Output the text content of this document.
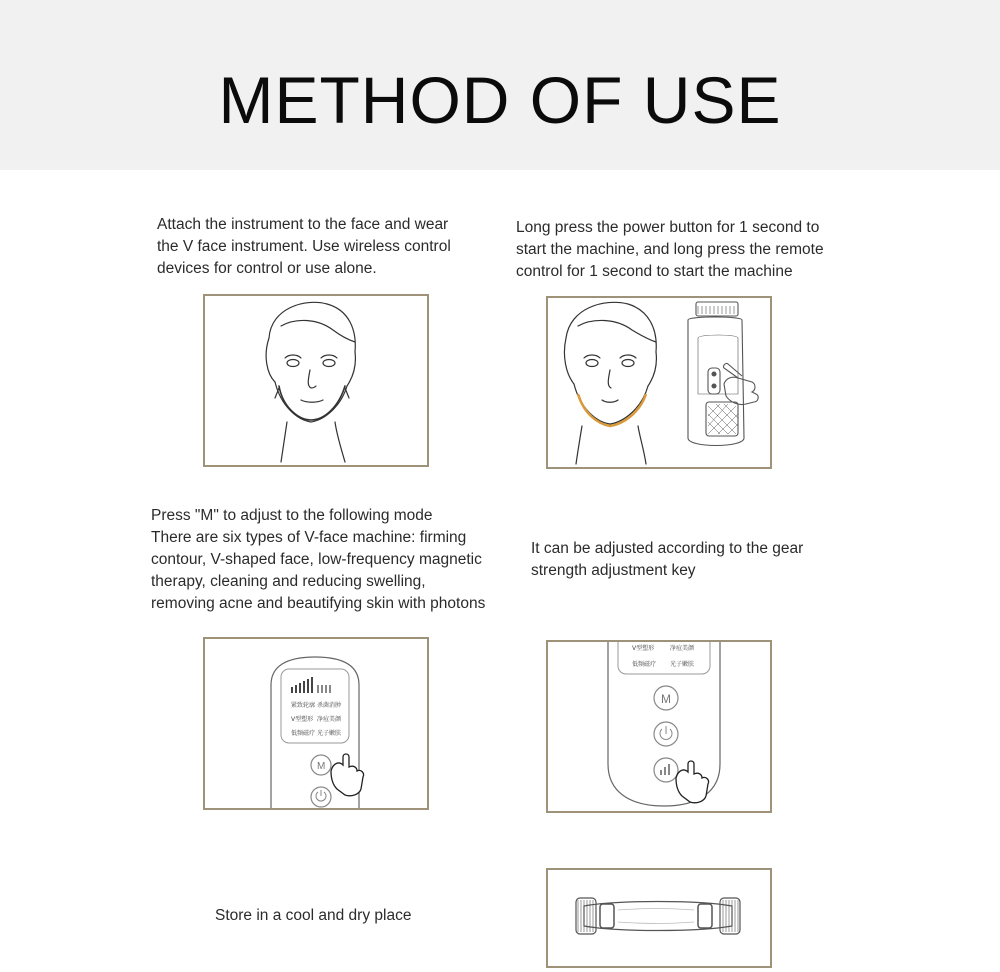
METHOD OF USE
Attach the instrument to the face and wear
the V face instrument. Use wireless control
devices for control or use alone.
Long press the power button for 1 second to
start the machine, and long press the remote
control for 1 second to start the machine
Press "M" to adjust to the following mode
There are six types of V-face machine: firming
contour, V-shaped face, low-frequency magnetic
therapy, cleaning and reducing swelling,
removing acne and beautifying skin with photons
It can be adjusted according to the gear
strength adjustment key
紧致轮廓 杀菌消肿
V型塑形 净痘美颜
低频磁疗 光子嫩肤
M
V型塑形	净痘美颜
低频磁疗 光子嫩肤
M
Store in a cool and dry place
